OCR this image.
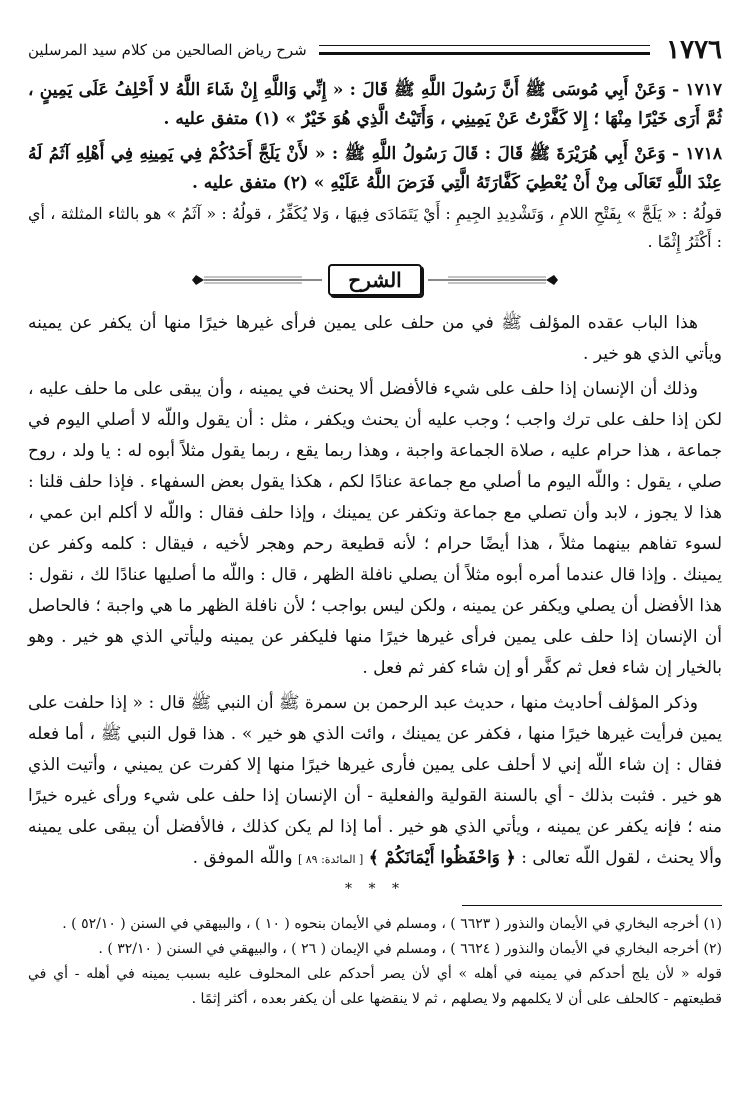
١٧٧٦
شرح رياض الصالحين من كلام سيد المرسلين

١٧١٧ - وَعَنْ أَبِي مُوسَى ﷺ أَنَّ رَسُولَ اللَّهِ ﷺ قَالَ : « إِنِّي وَاللَّهِ إِنْ شَاءَ اللَّهُ لا أَحْلِفُ عَلَى يَمِينٍ ، ثُمَّ أَرَى خَيْرًا مِنْهَا ؛ إِلا كَفَّرْتُ عَنْ يَمِينِي ، وَأَتَيْتُ الَّذِي هُوَ خَيْرٌ » (١) متفق عليه .

١٧١٨ - وَعَنْ أَبِي هُرَيْرَةَ ﷺ قَالَ : قَالَ رَسُولُ اللَّهِ ﷺ : « لأَنْ يَلَجَّ أَحَدُكُمْ فِي يَمِينِهِ فِي أَهْلِهِ آثَمُ لَهُ عِنْدَ اللَّهِ تَعَالَى مِنْ أَنْ يُعْطِيَ كَفَّارَتَهُ الَّتِي فَرَضَ اللَّهُ عَلَيْهِ » (٢) متفق عليه .

قولُهُ : « يَلَجَّ » بِفَتْحِ اللامِ ، وَتَشْدِيدِ الجِيمِ : أَيْ يَتَمَادَى فِيهَا ، وَلا يُكَفِّرُ ، قولُهُ : « آثَمُ » هو بالثاء المثلثة ، أي : أَكْثَرُ إِثْمًا .

الشرح

هذا الباب عقده المؤلف ﷺ في من حلف على يمين فرأى غيرها خيرًا منها أن يكفر عن يمينه ويأتي الذي هو خير .

وذلك أن الإنسان إذا حلف على شيء فالأفضل ألا يحنث في يمينه ، وأن يبقى على ما حلف عليه ، لكن إذا حلف على ترك واجب ؛ وجب عليه أن يحنث ويكفر ، مثل : أن يقول واللّه لا أصلي اليوم في جماعة ، هذا حرام عليه ، صلاة الجماعة واجبة ، وهذا ربما يقع ، ربما يقول مثلاً أبوه له : يا ولد ، روح صلي ، يقول : واللّه اليوم ما أصلي مع جماعة عنادًا لكم ، هكذا يقول بعض السفهاء . فإذا حلف قلنا : هذا لا يجوز ، لابد وأن تصلي مع جماعة وتكفر عن يمينك ، وإذا حلف فقال : واللّه لا أكلم ابن عمي ، لسوء تفاهم بينهما مثلاً ، هذا أيضًا حرام ؛ لأنه قطيعة رحم وهجر لأخيه ، فيقال : كلمه وكفر عن يمينك . وإذا قال عندما أمره أبوه مثلاً أن يصلي نافلة الظهر ، قال : واللّه ما أصليها عنادًا لك ، نقول : هذا الأفضل أن يصلي ويكفر عن يمينه ، ولكن ليس بواجب ؛ لأن نافلة الظهر ما هي واجبة ؛ فالحاصل أن الإنسان إذا حلف على يمين فرأى غيرها خيرًا منها فليكفر عن يمينه وليأتي الذي هو خير . وهو بالخيار إن شاء فعل ثم كفَّر أو إن شاء كفر ثم فعل .

وذكر المؤلف أحاديث منها ، حديث عبد الرحمن بن سمرة ﷺ أن النبي ﷺ قال : « إذا حلفت على يمين فرأيت غيرها خيرًا منها ، فكفر عن يمينك ، وائت الذي هو خير » . هذا قول النبي ﷺ ، أما فعله فقال : إن شاء اللّه إني لا أحلف على يمين فأرى غيرها خيرًا منها إلا كفرت عن يميني ، وأتيت الذي هو خير . فثبت بذلك - أي بالسنة القولية والفعلية - أن الإنسان إذا حلف على شيء ورأى غيره خيرًا منه ؛ فإنه يكفر عن يمينه ، ويأتي الذي هو خير . أما إذا لم يكن كذلك ، فالأفضل أن يبقى على يمينه وألا يحنث ، لقول اللّه تعالى : ﴿ وَاحْفَظُوا أَيْمَانَكُمْ ﴾ [ المائدة: ٨٩ ] واللّه الموفق .

* * *
(١) أخرجه البخاري في الأيمان والنذور ( ٦٦٢٣ ) ، ومسلم في الأيمان بنحوه ( ١٠ ) ، والبيهقي في السنن ( ٥٢/١٠ ) .
(٢) أخرجه البخاري في الأيمان والنذور ( ٦٦٢٤ ) ، ومسلم في الإيمان ( ٢٦ ) ، والبيهقي في السنن ( ٣٢/١٠ ) .
قوله « لأن يلج أحدكم في يمينه في أهله » أي لأن يصر أحدكم على المحلوف عليه بسبب يمينه في أهله - أي في قطيعتهم - كالحلف على أن لا يكلمهم ولا يصلهم ، ثم لا ينقضها على أن يكفر بعده ، أكثر إثمًا .
